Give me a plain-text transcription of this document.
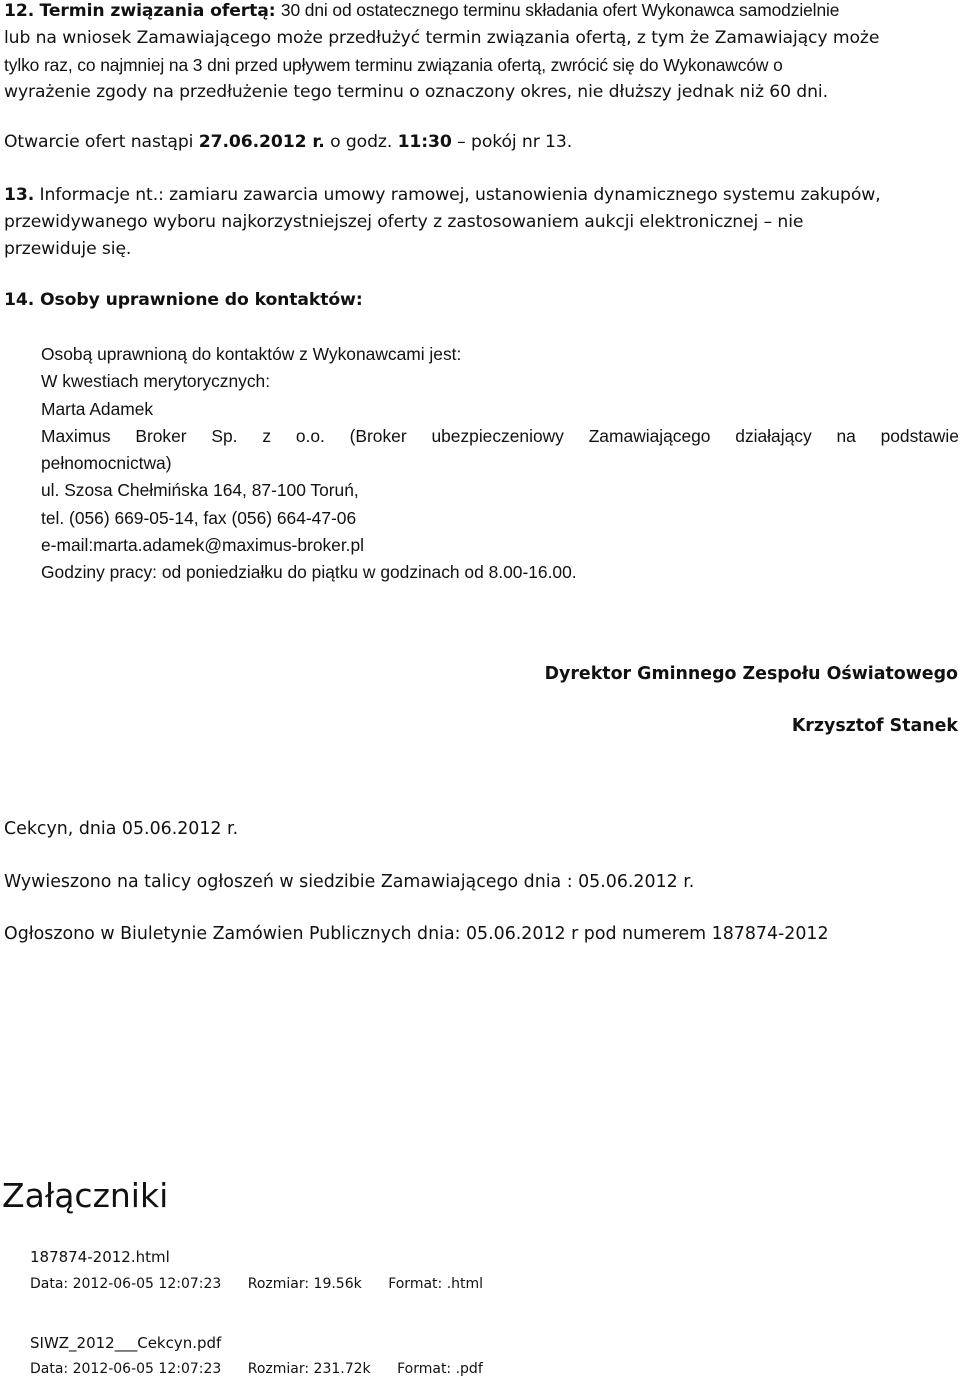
12. Termin związania ofertą: 30 dni od ostatecznego terminu składania ofert Wykonawca samodzielnie
lub na wniosek Zamawiającego może przedłużyć termin związania ofertą, z tym że Zamawiający może
tylko raz, co najmniej na 3 dni przed upływem terminu związania ofertą, zwrócić się do Wykonawców o
wyrażenie zgody na przedłużenie tego terminu o oznaczony okres, nie dłuższy jednak niż 60 dni.
Otwarcie ofert nastąpi 27.06.2012 r. o godz. 11:30 – pokój nr 13.
13. Informacje nt.: zamiaru zawarcia umowy ramowej, ustanowienia dynamicznego systemu zakupów,
przewidywanego wyboru najkorzystniejszej oferty z zastosowaniem aukcji elektronicznej – nie
przewiduje się.
14. Osoby uprawnione do kontaktów:
Osobą uprawnioną do kontaktów z Wykonawcami jest:
W kwestiach merytorycznych:
Marta Adamek
Maximus Broker Sp. z o.o. (Broker ubezpieczeniowy Zamawiającego działający na podstawie
pełnomocnictwa)
ul. Szosa Chełmińska 164, 87-100 Toruń,
tel. (056) 669-05-14, fax (056) 664-47-06
e-mail:marta.adamek@maximus-broker.pl
Godziny pracy: od poniedziałku do piątku w godzinach od 8.00-16.00.
Dyrektor Gminnego Zespołu Oświatowego
Krzysztof Stanek
Cekcyn, dnia 05.06.2012 r.
Wywieszono na talicy ogłoszeń w siedzibie Zamawiającego dnia : 05.06.2012 r.
Ogłoszono w Biuletynie Zamówien Publicznych dnia: 05.06.2012 r pod numerem 187874-2012
Załączniki
187874-2012.html
Data: 2012-06-05 12:07:23 Rozmiar: 19.56k Format: .html
SIWZ_2012___Cekcyn.pdf
Data: 2012-06-05 12:07:23 Rozmiar: 231.72k Format: .pdf
